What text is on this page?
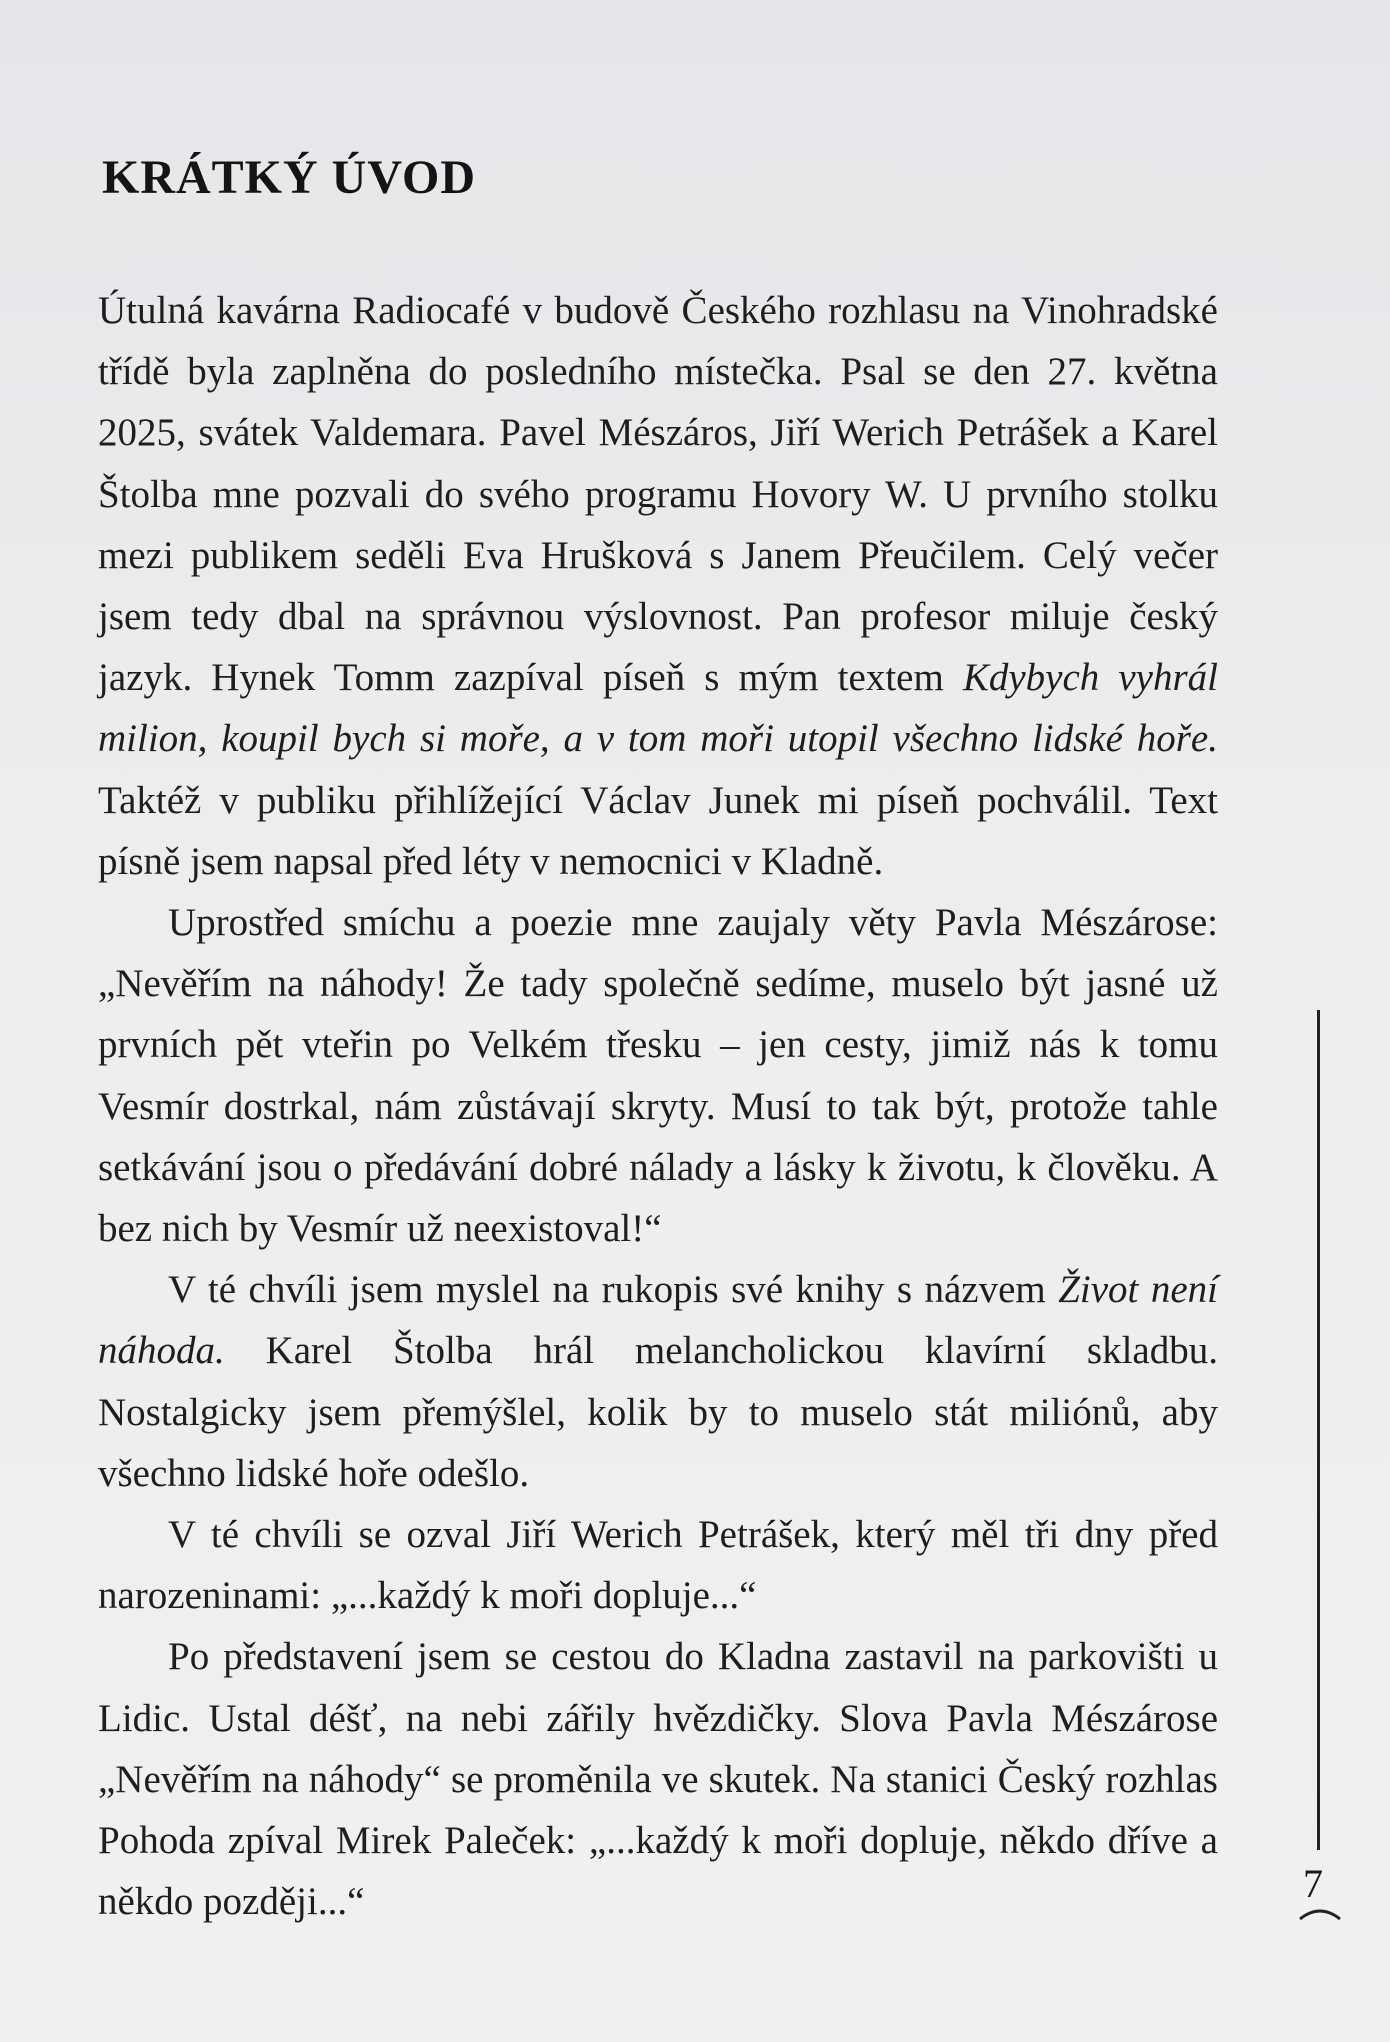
KRÁTKÝ ÚVOD

Útulná kavárna Radiocafé v budově Českého rozhlasu na Vinohradské třídě byla zaplněna do posledního místečka. Psal se den 27. května 2025, svátek Valdemara. Pavel Mészáros, Jiří Werich Petrášek a Karel Štolba mne pozvali do svého programu Hovory W. U prvního stolku mezi publikem seděli Eva Hrušková s Janem Přeučilem. Celý večer jsem tedy dbal na správnou výslovnost. Pan profesor miluje český jazyk. Hynek Tomm zazpíval píseň s mým textem Kdybych vyhrál milion, koupil bych si moře, a v tom moři utopil všechno lidské hoře. Taktéž v publiku přihlížející Václav Junek mi píseň pochválil. Text písně jsem napsal před léty v nemocnici v Kladně.

Uprostřed smíchu a poezie mne zaujaly věty Pavla Mészárose: „Nevěřím na náhody! Že tady společně sedíme, muselo být jasné už prvních pět vteřin po Velkém třesku – jen cesty, jimiž nás k tomu Vesmír dostrkal, nám zůstávají skryty. Musí to tak být, protože tahle setkávání jsou o předávání dobré nálady a lásky k životu, k člověku. A bez nich by Vesmír už neexistoval!“

V té chvíli jsem myslel na rukopis své knihy s názvem Život není náhoda. Karel Štolba hrál melancholickou klavírní skladbu. Nostalgicky jsem přemýšlel, kolik by to muselo stát miliónů, aby všechno lidské hoře odešlo.

V té chvíli se ozval Jiří Werich Petrášek, který měl tři dny před narozeninami: „...každý k moři dopluje...“

Po představení jsem se cestou do Kladna zastavil na parkovišti u Lidic. Ustal déšť, na nebi zářily hvězdičky. Slova Pavla Mészárose „Nevěřím na náhody“ se proměnila ve skutek. Na stanici Český rozhlas Pohoda zpíval Mirek Paleček: „...každý k moři dopluje, někdo dříve a někdo později...“	7
